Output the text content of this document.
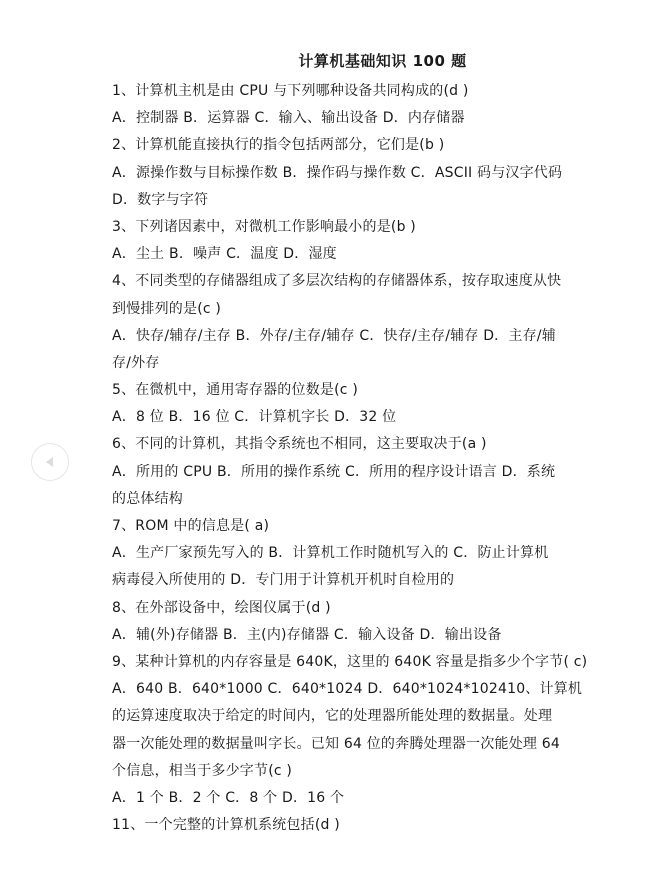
计算机基础知识 100 题
1、计算机主机是由 CPU 与下列哪种设备共同构成的(d )
A．控制器 B．运算器 C．输入、输出设备 D．内存储器
2、计算机能直接执行的指令包括两部分，它们是(b )
A．源操作数与目标操作数 B．操作码与操作数 C．ASCII 码与汉字代码
D．数字与字符
3、下列诸因素中，对微机工作影响最小的是(b )
A．尘土 B．噪声 C．温度 D．湿度
4、不同类型的存储器组成了多层次结构的存储器体系，按存取速度从快
到慢排列的是(c )
A．快存/辅存/主存 B．外存/主存/辅存 C．快存/主存/辅存 D．主存/辅
存/外存
5、在微机中，通用寄存器的位数是(c )
A．8 位 B．16 位 C．计算机字长 D．32 位
6、不同的计算机，其指令系统也不相同，这主要取决于(a )
A．所用的 CPU B．所用的操作系统 C．所用的程序设计语言 D．系统
的总体结构
7、ROM 中的信息是( a)
A．生产厂家预先写入的 B．计算机工作时随机写入的 C．防止计算机
病毒侵入所使用的 D．专门用于计算机开机时自检用的
8、在外部设备中，绘图仪属于(d )
A．辅(外)存储器 B．主(内)存储器 C．输入设备 D．输出设备
9、某种计算机的内存容量是 640K，这里的 640K 容量是指多少个字节( c)
A．640 B．640*1000 C．640*1024 D．640*1024*102410、计算机
的运算速度取决于给定的时间内，它的处理器所能处理的数据量。处理
器一次能处理的数据量叫字长。已知 64 位的奔腾处理器一次能处理 64
个信息，相当于多少字节(c )
A．1 个 B．2 个 C．8 个 D．16 个
11、一个完整的计算机系统包括(d )
